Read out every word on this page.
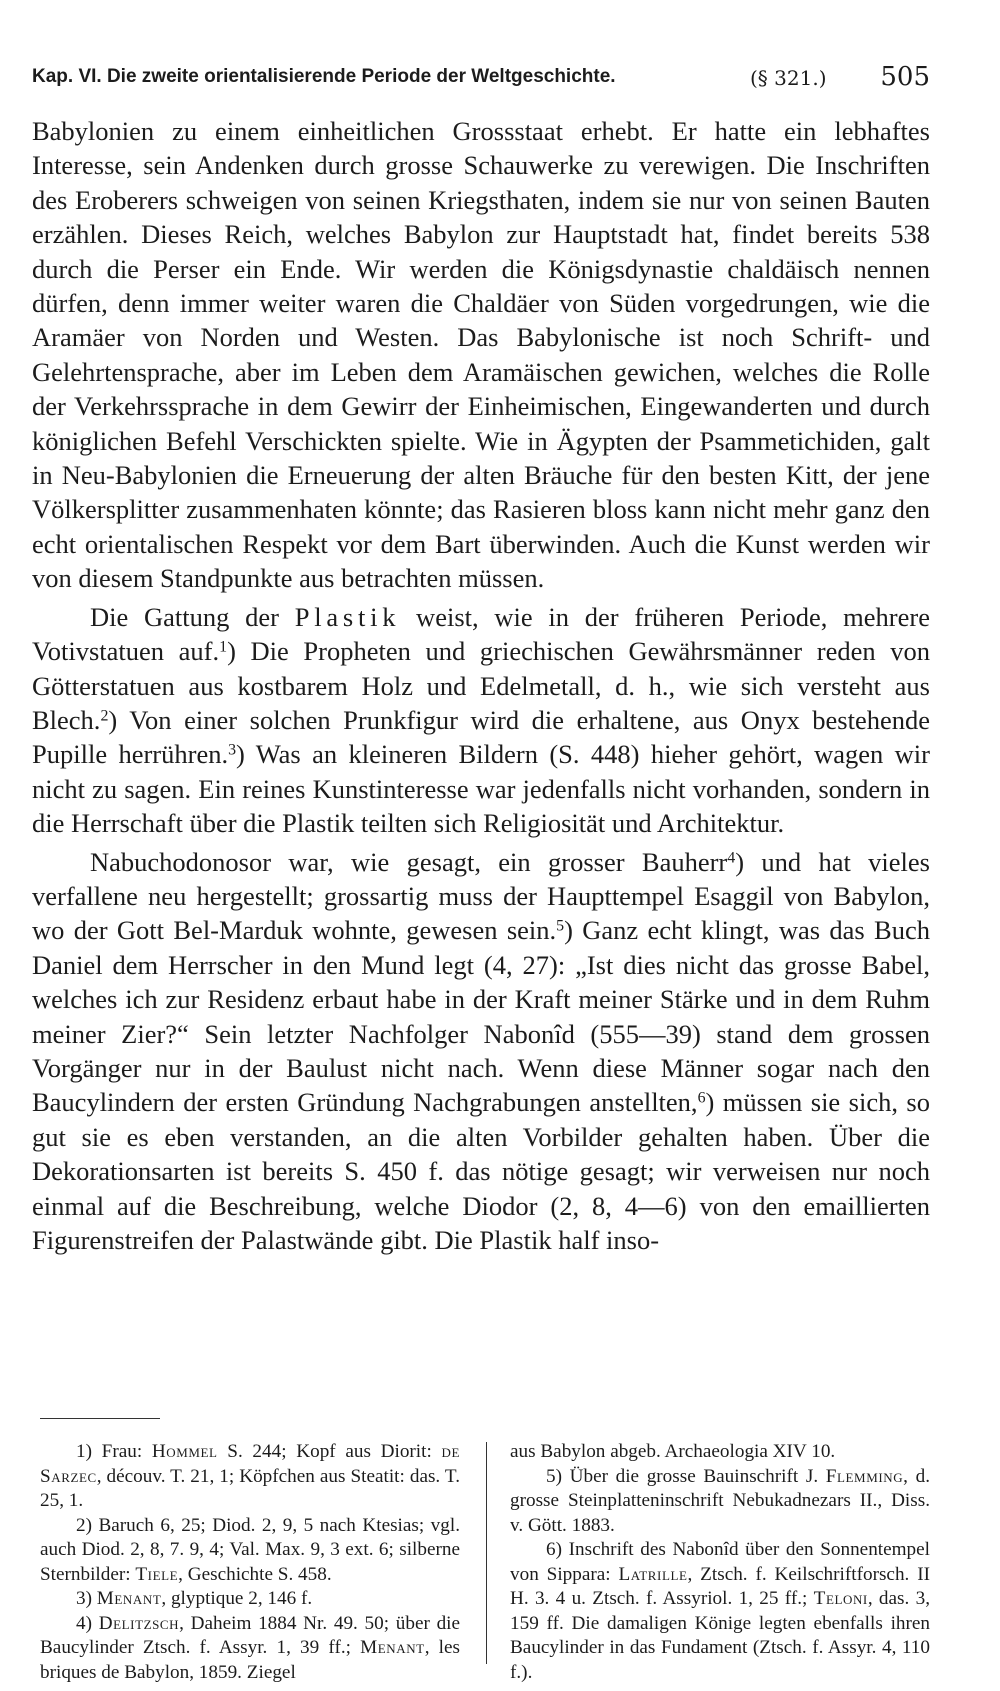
Kap. VI. Die zweite orientalisierende Periode der Weltgeschichte.	(§ 321.) 505

Babylonien zu einem einheitlichen Grossstaat erhebt. Er hatte ein lebhaftes Interesse, sein Andenken durch grosse Schauwerke zu verewigen. Die Inschriften des Eroberers schweigen von seinen Kriegsthaten, indem sie nur von seinen Bauten erzählen. Dieses Reich, welches Babylon zur Hauptstadt hat, findet bereits 538 durch die Perser ein Ende. Wir werden die Königsdynastie chaldäisch nennen dürfen, denn immer weiter waren die Chaldäer von Süden vorgedrungen, wie die Aramäer von Norden und Westen. Das Babylonische ist noch Schrift- und Gelehrtensprache, aber im Leben dem Aramäischen gewichen, welches die Rolle der Verkehrssprache in dem Gewirr der Einheimischen, Eingewanderten und durch königlichen Befehl Verschickten spielte. Wie in Ägypten der Psammetichiden, galt in Neu-Babylonien die Erneuerung der alten Bräuche für den besten Kitt, der jene Völkersplitter zusammenhaten könnte; das Rasieren bloss kann nicht mehr ganz den echt orientalischen Respekt vor dem Bart überwinden. Auch die Kunst werden wir von diesem Standpunkte aus betrachten müssen.

Die Gattung der Plastik weist, wie in der früheren Periode, mehrere Votivstatuen auf.$^1$) Die Propheten und griechischen Gewährsmänner reden von Götterstatuen aus kostbarem Holz und Edelmetall, d. h., wie sich versteht aus Blech.$^2$) Von einer solchen Prunkfigur wird die erhaltene, aus Onyx bestehende Pupille herrühren.$^3$) Was an kleineren Bildern (S. 448) hieher gehört, wagen wir nicht zu sagen. Ein reines Kunstinteresse war jedenfalls nicht vorhanden, sondern in die Herrschaft über die Plastik teilten sich Religiosität und Architektur.

Nabuchodonosor war, wie gesagt, ein grosser Bauherr$^4$) und hat vieles verfallene neu hergestellt; grossartig muss der Haupttempel Esaggil von Babylon, wo der Gott Bel-Marduk wohnte, gewesen sein.$^5$) Ganz echt klingt, was das Buch Daniel dem Herrscher in den Mund legt (4, 27): „Ist dies nicht das grosse Babel, welches ich zur Residenz erbaut habe in der Kraft meiner Stärke und in dem Ruhm meiner Zier?“ Sein letzter Nachfolger Nabonîd (555—39) stand dem grossen Vorgänger nur in der Baulust nicht nach. Wenn diese Männer sogar nach den Baucylindern der ersten Gründung Nachgrabungen anstellten,$^6$) müssen sie sich, so gut sie es eben verstanden, an die alten Vorbilder gehalten haben. Über die Dekorationsarten ist bereits S. 450 f. das nötige gesagt; wir verweisen nur noch einmal auf die Beschreibung, welche Diodor (2, 8, 4—6) von den emaillierten Figurenstreifen der Palastwände gibt. Die Plastik half inso-

1) Frau: Hommel S. 244; Kopf aus Diorit: de Sarzec, découv. T. 21, 1; Köpfchen aus Steatit: das. T. 25, 1.

2) Baruch 6, 25; Diod. 2, 9, 5 nach Ktesias; vgl. auch Diod. 2, 8, 7. 9, 4; Val. Max. 9, 3 ext. 6; silberne Sternbilder: Tiele, Geschichte S. 458.

3) Menant, glyptique 2, 146 f.

4) Delitzsch, Daheim 1884 Nr. 49. 50; über die Baucylinder Ztsch. f. Assyr. 1, 39 ff.; Menant, les briques de Babylon, 1859. Ziegel

aus Babylon abgeb. Archaeologia XIV 10.

5) Über die grosse Bauinschrift J. Flemming, d. grosse Steinplatteninschrift Nebukadnezars II., Diss. v. Gött. 1883.

6) Inschrift des Nabonîd über den Sonnentempel von Sippara: Latrille, Ztsch. f. Keilschriftforsch. II H. 3. 4 u. Ztsch. f. Assyriol. 1, 25 ff.; Teloni, das. 3, 159 ff. Die damaligen Könige legten ebenfalls ihren Baucylinder in das Fundament (Ztsch. f. Assyr. 4, 110 f.).
